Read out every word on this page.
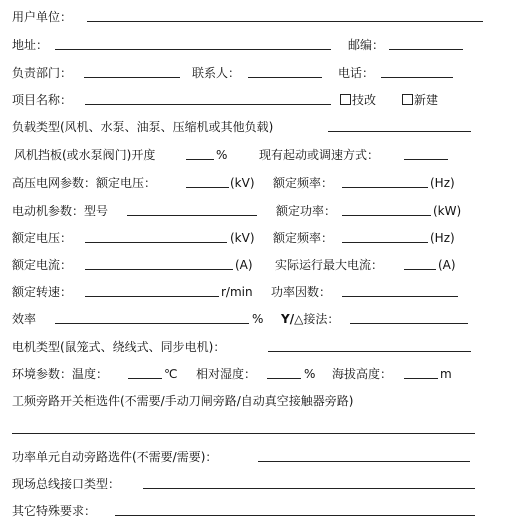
用户单位：
地址：	邮编：
负责部门：	联系人：	电话：
项目名称：	技改	新建
负载类型(风机、水泵、油泵、压缩机或其他负载)
风机挡板(或水泵阀门)开度	%	现有起动或调速方式：
高压电网参数：额定电压：	(kV) 额定频率：	(Hz)
电动机参数：型号	额定功率：	(kW)
额定电压：	(kV) 额定频率：	(Hz)
额定电流：	(A) 实际运行最大电流：	(A)
额定转速：	r/min 功率因数：
效率	% Y/△接法：
电机类型(鼠笼式、绕线式、同步电机)：
环境参数：温度：	℃ 相对湿度：	% 海拔高度：	m
工频旁路开关柜选件(不需要/手动刀闸旁路/自动真空接触器旁路)
功率单元自动旁路选件(不需要/需要)：
现场总线接口类型：
其它特殊要求：
